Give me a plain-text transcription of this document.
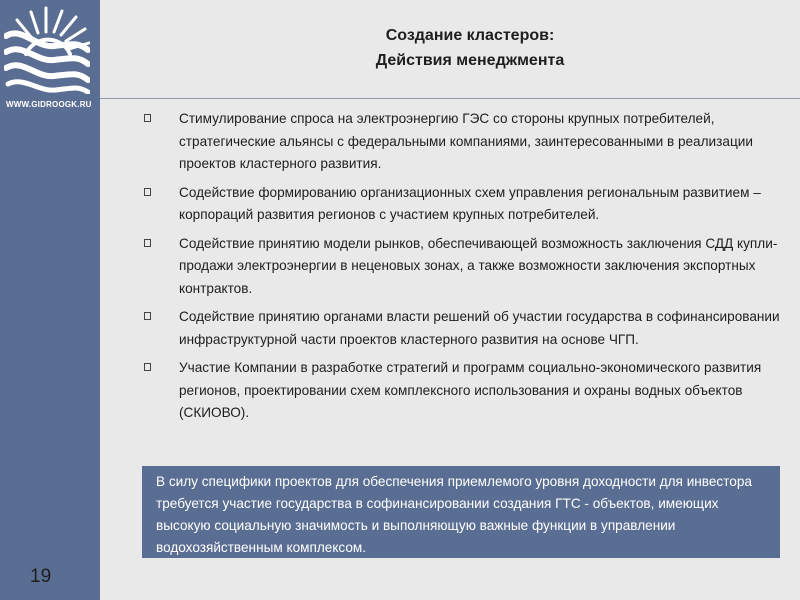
WWW.GIDROOGK.RU
19
Создание кластеров:
Действия менеджмента
Стимулирование спроса на электроэнергию ГЭС со стороны крупных потребителей, стратегические альянсы с федеральными компаниями, заинтересованными в реализации проектов кластерного развития.
Содействие формированию организационных схем управления региональным развитием – корпораций развития регионов с участием крупных потребителей.
Содействие принятию модели рынков, обеспечивающей возможность заключения СДД купли-продажи электроэнергии в неценовых зонах, а также возможности заключения экспортных контрактов.
Содействие принятию органами власти решений об участии государства в софинансировании инфраструктурной части проектов кластерного развития на основе ЧГП.
Участие Компании в разработке стратегий и программ социально-экономического развития регионов, проектировании схем комплексного использования и охраны водных объектов (СКИОВО).
В силу специфики проектов для обеспечения приемлемого уровня доходности для инвестора требуется участие государства в софинансировании создания ГТС - объектов, имеющих высокую социальную значимость и выполняющую важные функции в управлении водохозяйственным комплексом.
